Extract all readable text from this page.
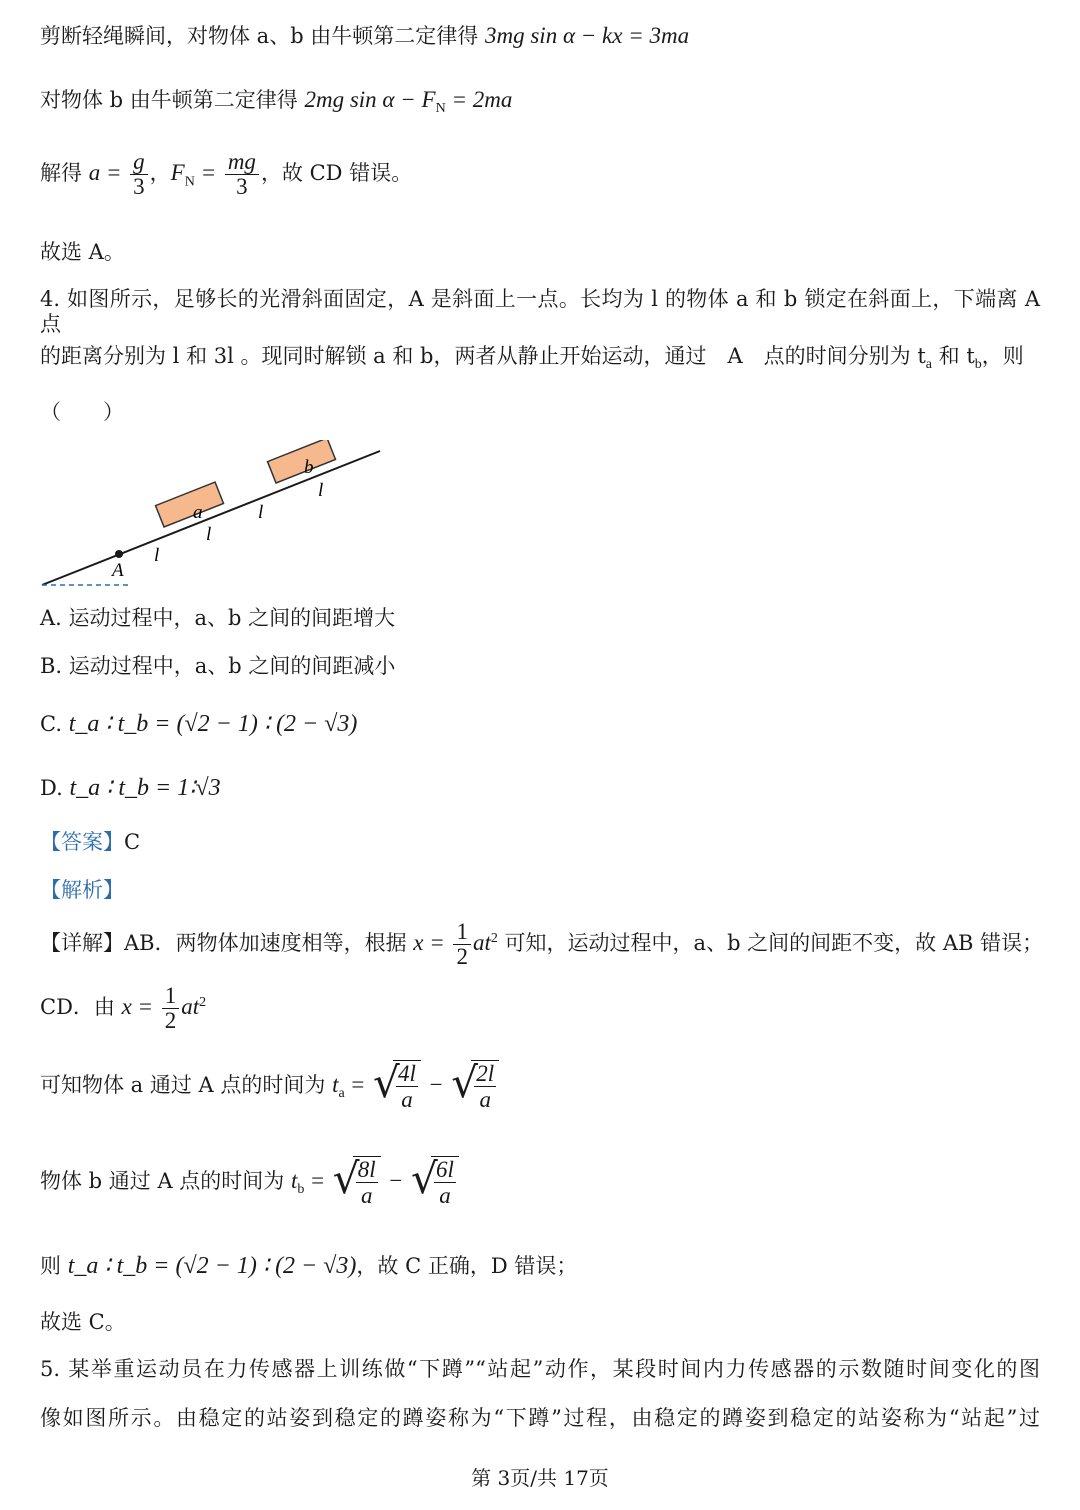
剪断轻绳瞬间，对物体 a、b 由牛顿第二定律得 3mg sin α − kx = 3ma
对物体 b 由牛顿第二定律得 2mg $\sin \alpha - F_N = 2ma$
解得 $a = \frac{g}{3}$ ，$F_N = \frac{mg}{3}$ ，故 CD 错误。
故选 A。
4. 如图所示，足够长的光滑斜面固定，A 是斜面上一点。长均为 l 的物体 a 和 b 锁定在斜面上，下端离 A 点
的距离分别为 l 和 3l 。现同时解锁 a 和 b，两者从静止开始运动，通过　A　点的时间分别为 $t_a$ 和 $t_b$，则
（　　）
a
b
A
l
l
l
l
A. 运动过程中，a、b 之间的间距增大
B. 运动过程中，a、b 之间的间距减小
C. t_a ∶ t_b = (√2 − 1) ∶ (2 − √3)
D. t_a ∶ t_b = 1∶√3
【答案】C
【解析】
【详解】AB．两物体加速度相等，根据 $x = \frac{1}{2} at^2$ 可知，运动过程中，a、b 之间的间距不变，故 AB 错误；
CD．由 $x = \frac{1}{2} at^2$
可知物体 a 通过 A 点的时间为 $t_a$ = √
$\frac{4l}{a}$ − √
$\frac{2l}{a}$
物体 b 通过 A 点的时间为 $t_b$ = √
$\frac{8l}{a}$ − √
$\frac{6l}{a}$
则 t_a ∶ t_b = (√2 − 1) ∶ (2 − √3)，故 C 正确，D 错误；
故选 C。
5. 某举重运动员在力传感器上训练做“下蹲”“站起”动作，某段时间内力传感器的示数随时间变化的图
像如图所示。由稳定的站姿到稳定的蹲姿称为“下蹲”过程，由稳定的蹲姿到稳定的站姿称为“站起”过
第 3页/共 17页
